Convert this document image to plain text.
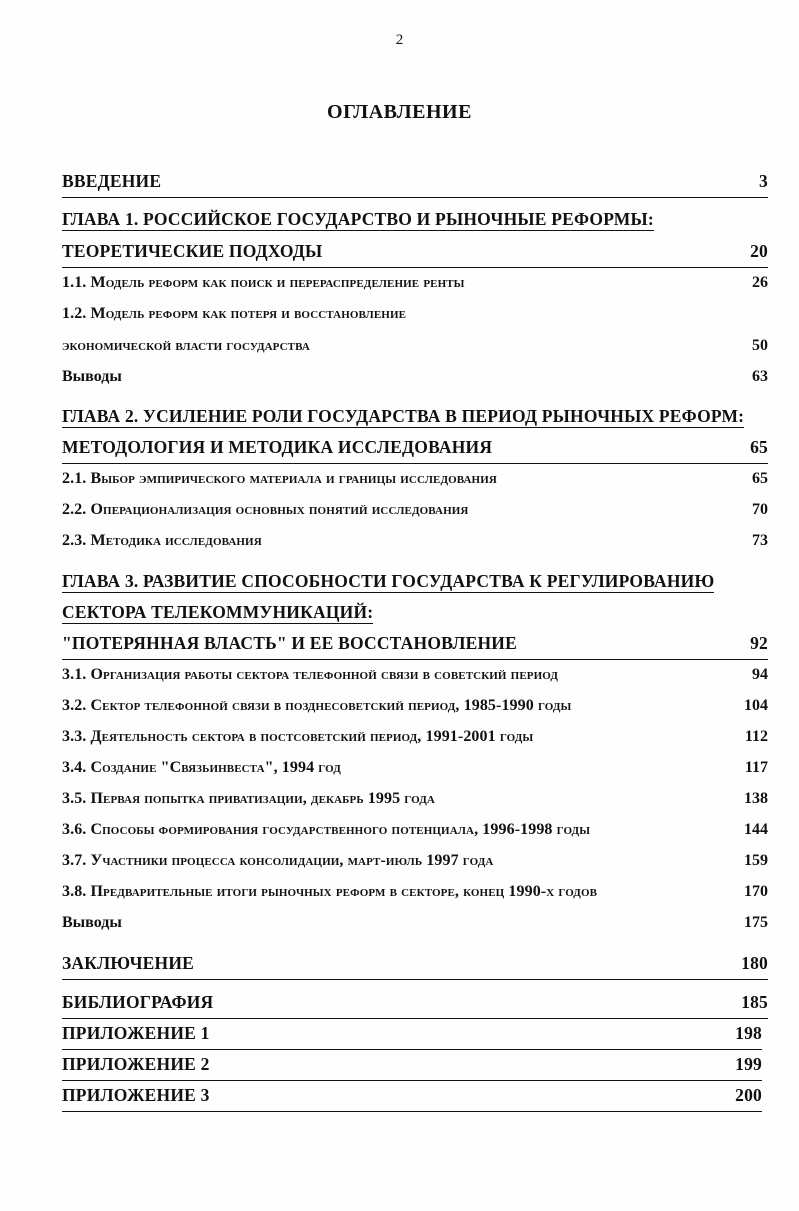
2
ОГЛАВЛЕНИЕ
ВВЕДЕНИЕ	3
ГЛАВА 1. РОССИЙСКОЕ ГОСУДАРСТВО И РЫНОЧНЫЕ РЕФОРМЫ:
ТЕОРЕТИЧЕСКИЕ ПОДХОДЫ	20
1.1. Модель реформ как поиск и перераспределение ренты	26
1.2. Модель реформ как потеря и восстановление
экономической власти государства	50
Выводы	63
ГЛАВА 2. УСИЛЕНИЕ РОЛИ ГОСУДАРСТВА В ПЕРИОД РЫНОЧНЫХ РЕФОРМ:
МЕТОДОЛОГИЯ И МЕТОДИКА ИССЛЕДОВАНИЯ	65
2.1. Выбор эмпирического материала и границы исследования	65
2.2. Операционализация основных понятий исследования	70
2.3. Методика исследования	73
ГЛАВА 3. РАЗВИТИЕ СПОСОБНОСТИ ГОСУДАРСТВА К РЕГУЛИРОВАНИЮ
СЕКТОРА ТЕЛЕКОММУНИКАЦИЙ:
"ПОТЕРЯННАЯ ВЛАСТЬ" И ЕЕ ВОССТАНОВЛЕНИЕ	92
3.1. Организация работы сектора телефонной связи в советский период	94
3.2. Сектор телефонной связи в позднесоветский период, 1985-1990 годы	104
3.3. Деятельность сектора в постсоветский период, 1991-2001 годы	112
3.4. Создание "Связьинвеста", 1994 год	117
3.5. Первая попытка приватизации, декабрь 1995 года	138
3.6. Способы формирования государственного потенциала, 1996-1998 годы	144
3.7. Участники процесса консолидации, март-июль 1997 года	159
3.8. Предварительные итоги рыночных реформ в секторе, конец 1990-х годов	170
Выводы	175
ЗАКЛЮЧЕНИЕ	180
БИБЛИОГРАФИЯ	185
ПРИЛОЖЕНИЕ 1	198
ПРИЛОЖЕНИЕ 2	199
ПРИЛОЖЕНИЕ 3	200
